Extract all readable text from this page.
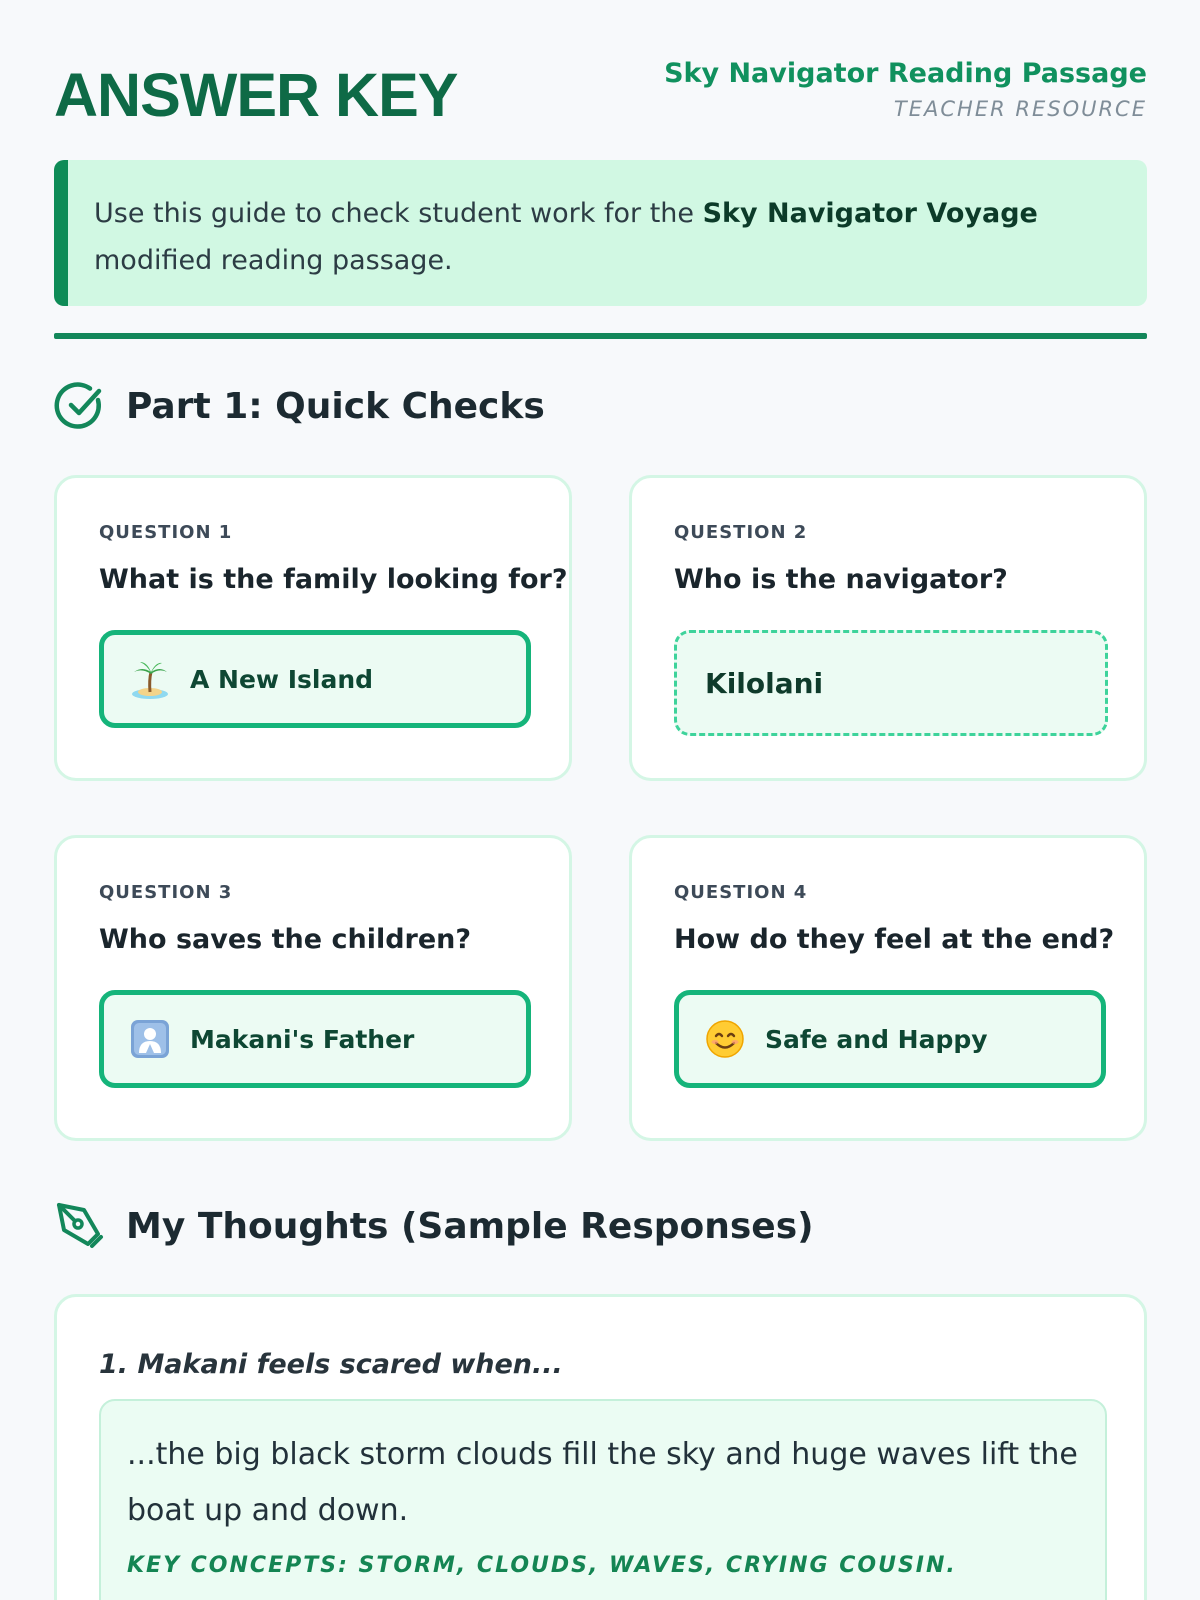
ANSWER KEY	Sky Navigator Reading Passage
TEACHER RESOURCE
Use this guide to check student work for the Sky Navigator Voyage modified reading passage.
Part 1: Quick Checks
QUESTION 1
What is the family looking for?
A New Island
QUESTION 2
Who is the navigator?
Kilolani
QUESTION 3
Who saves the children?
Makani's Father
QUESTION 4
How do they feel at the end?
Safe and Happy
My Thoughts (Sample Responses)
1. Makani feels scared when...
...the big black storm clouds fill the sky and huge waves lift the boat up and down.
KEY CONCEPTS: STORM, CLOUDS, WAVES, CRYING COUSIN.
